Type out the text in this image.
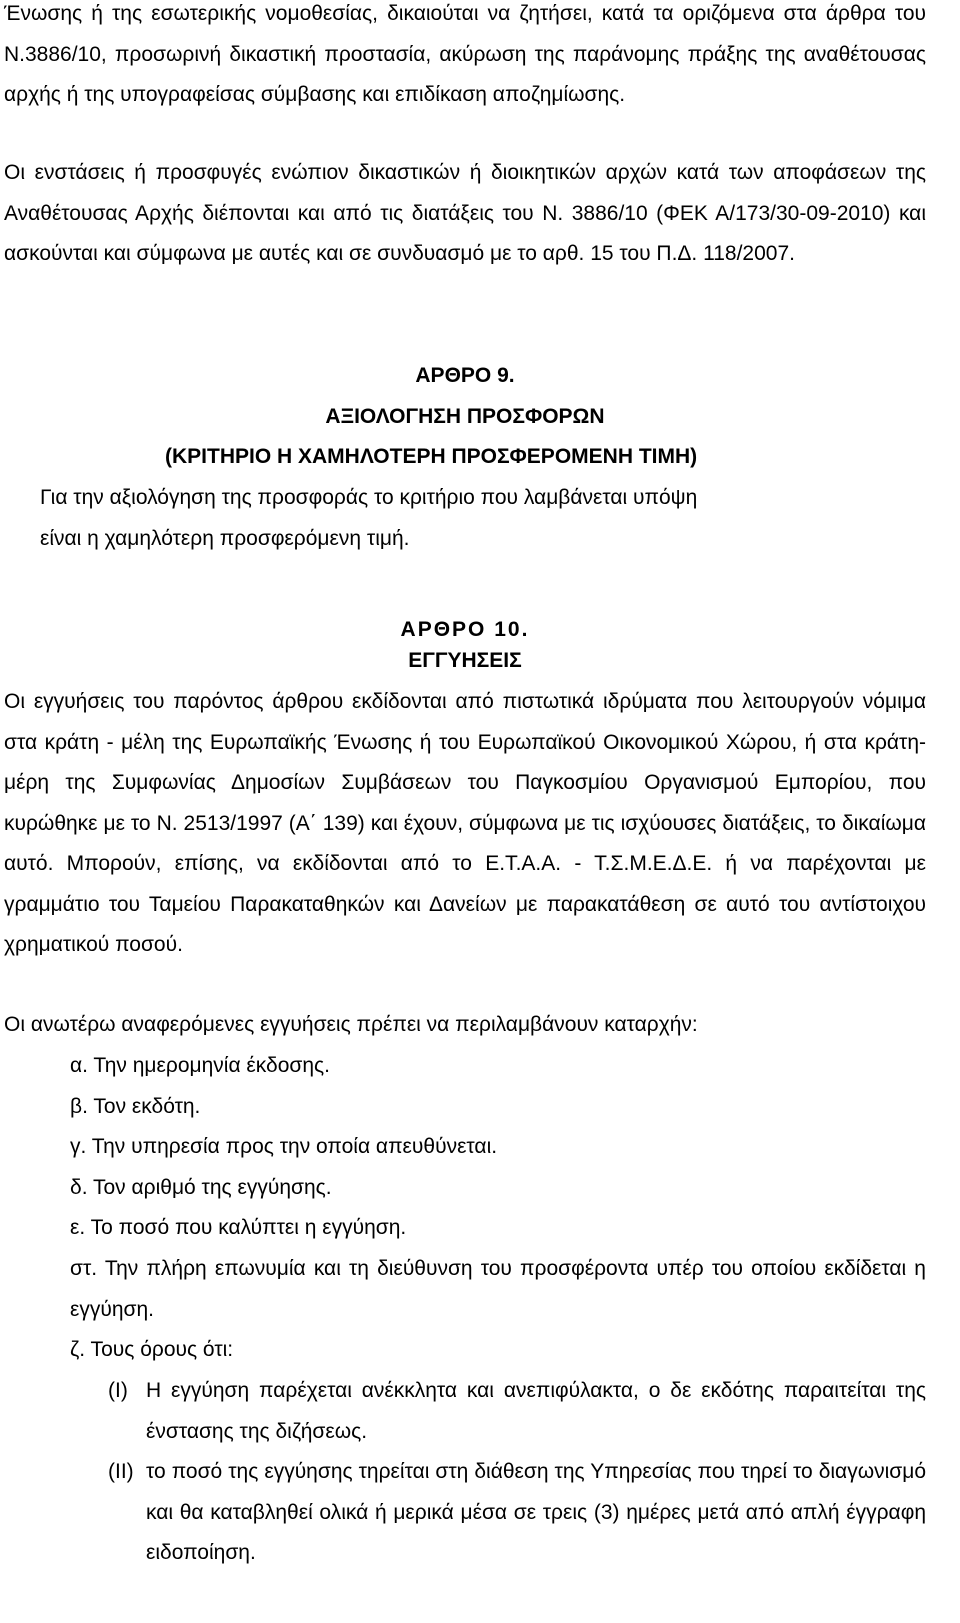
Ένωσης ή της εσωτερικής νομοθεσίας, δικαιούται να ζητήσει, κατά τα οριζόμενα στα άρθρα του Ν.3886/10, προσωρινή δικαστική προστασία, ακύρωση της παράνομης πράξης της αναθέτουσας αρχής ή της υπογραφείσας σύμβασης και επιδίκαση αποζημίωσης.

Οι ενστάσεις ή προσφυγές ενώπιον δικαστικών ή διοικητικών αρχών κατά των αποφάσεων της Αναθέτουσας Αρχής διέπονται και από τις διατάξεις του Ν. 3886/10 (ΦΕΚ Α/173/30-09-2010) και ασκούνται και σύμφωνα με αυτές και σε συνδυασμό με το αρθ. 15 του Π.Δ. 118/2007.

ΑΡΘΡΟ 9.

ΑΞΙΟΛΟΓΗΣΗ ΠΡΟΣΦΟΡΩΝ

(ΚΡΙΤΗΡΙΟ Η ΧΑΜΗΛΟΤΕΡΗ ΠΡΟΣΦΕΡΟΜΕΝΗ ΤΙΜΗ)

Για την αξιολόγηση της προσφοράς το κριτήριο που λαμβάνεται υπόψη

είναι η χαμηλότερη προσφερόμενη τιμή.

ΑΡΘΡΟ 10.

ΕΓΓΥΗΣΕΙΣ

Οι εγγυήσεις του παρόντος άρθρου εκδίδονται από πιστωτικά ιδρύματα που λειτουργούν νόμιμα στα κράτη - μέλη της Ευρωπαϊκής Ένωσης ή του Ευρωπαϊκού Οικονομικού Χώρου, ή στα κράτη-μέρη της Συμφωνίας Δημοσίων Συμβάσεων του Παγκοσμίου Οργανισμού Εμπορίου, που κυρώθηκε με το Ν. 2513/1997 (Α΄ 139) και έχουν, σύμφωνα με τις ισχύουσες διατάξεις, το δικαίωμα αυτό. Μπορούν, επίσης, να εκδίδονται από το Ε.Τ.Α.Α. - Τ.Σ.Μ.Ε.Δ.Ε. ή να παρέχονται με γραμμάτιο του Ταμείου Παρακαταθηκών και Δανείων με παρακατάθεση σε αυτό του αντίστοιχου χρηματικού ποσού.

Οι ανωτέρω αναφερόμενες εγγυήσεις πρέπει να περιλαμβάνουν καταρχήν:

α. Την ημερομηνία έκδοσης.

β. Τον εκδότη.

γ. Την υπηρεσία προς την οποία απευθύνεται.

δ. Τον αριθμό της εγγύησης.

ε. Το ποσό που καλύπτει η εγγύηση.

στ. Την πλήρη επωνυμία και τη διεύθυνση του προσφέροντα υπέρ του οποίου εκδίδεται η εγγύηση.

ζ. Τους όρους ότι:

(I) Η εγγύηση παρέχεται ανέκκλητα και ανεπιφύλακτα, ο δε εκδότης παραιτείται της ένστασης της διζήσεως.
(II) το ποσό της εγγύησης τηρείται στη διάθεση της Υπηρεσίας που τηρεί το διαγωνισμό και θα καταβληθεί ολικά ή μερικά μέσα σε τρεις (3) ημέρες μετά από απλή έγγραφη ειδοποίηση.
